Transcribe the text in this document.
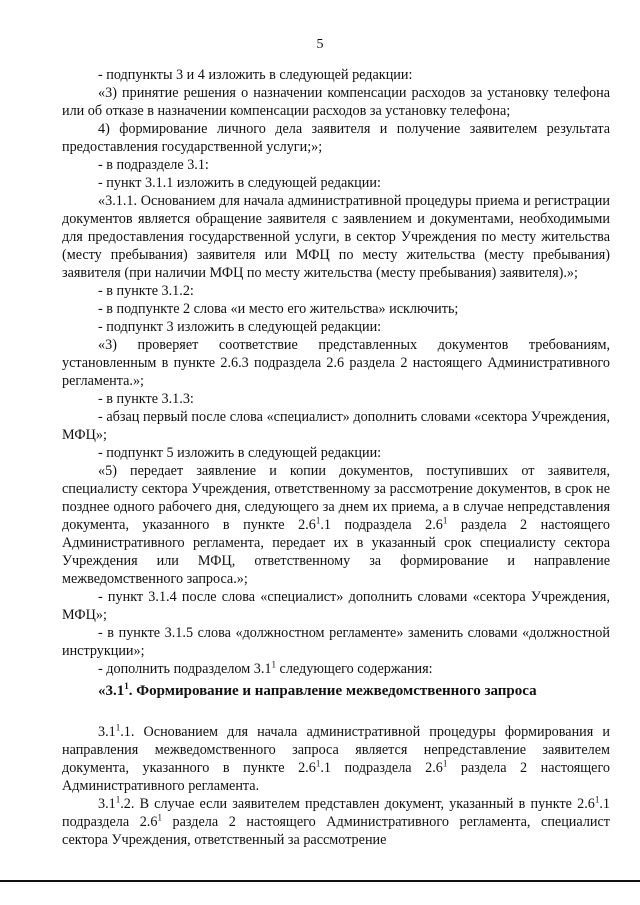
5

- подпункты 3 и 4 изложить в следующей редакции:

«3) принятие решения о назначении компенсации расходов за установку телефона или об отказе в назначении компенсации расходов за установку телефона;

4) формирование личного дела заявителя и получение заявителем результата предоставления государственной услуги;»;

- в подразделе 3.1:

- пункт 3.1.1 изложить в следующей редакции:

«3.1.1. Основанием для начала административной процедуры приема и регистрации документов является обращение заявителя с заявлением и документами, необходимыми для предоставления государственной услуги, в сектор Учреждения по месту жительства (месту пребывания) заявителя или МФЦ по месту жительства (месту пребывания) заявителя (при наличии МФЦ по месту жительства (месту пребывания) заявителя).»;

- в пункте 3.1.2:

- в подпункте 2 слова «и место его жительства» исключить;

- подпункт 3 изложить в следующей редакции:

«3) проверяет соответствие представленных документов требованиям, установленным в пункте 2.6.3 подраздела 2.6 раздела 2 настоящего Административного регламента.»;

- в пункте 3.1.3:

- абзац первый после слова «специалист» дополнить словами «сектора Учреждения, МФЦ»;

- подпункт 5 изложить в следующей редакции:

«5) передает заявление и копии документов, поступивших от заявителя, специалисту сектора Учреждения, ответственному за рассмотрение документов, в срок не позднее одного рабочего дня, следующего за днем их приема, а в случае непредставления документа, указанного в пункте $2.6^1.1$ подраздела $2.6^1$ раздела 2 настоящего Административного регламента, передает их в указанный срок специалисту сектора Учреждения или МФЦ, ответственному за формирование и направление межведомственного запроса.»;

- пункт 3.1.4 после слова «специалист» дополнить словами «сектора Учреждения, МФЦ»;

- в пункте 3.1.5 слова «должностном регламенте» заменить словами «должностной инструкции»;

- дополнить подразделом $3.1^1$ следующего содержания:

«$3.1^1$. Формирование и направление межведомственного запроса

$3.1^1.1$. Основанием для начала административной процедуры формирования и направления межведомственного запроса является непредставление заявителем документа, указанного в пункте $2.6^1.1$ подраздела $2.6^1$ раздела 2 настоящего Административного регламента.

$3.1^1.2$. В случае если заявителем представлен документ, указанный в пункте $2.6^1.1$ подраздела $2.6^1$ раздела 2 настоящего Административного регламента, специалист сектора Учреждения, ответственный за рассмотрение
